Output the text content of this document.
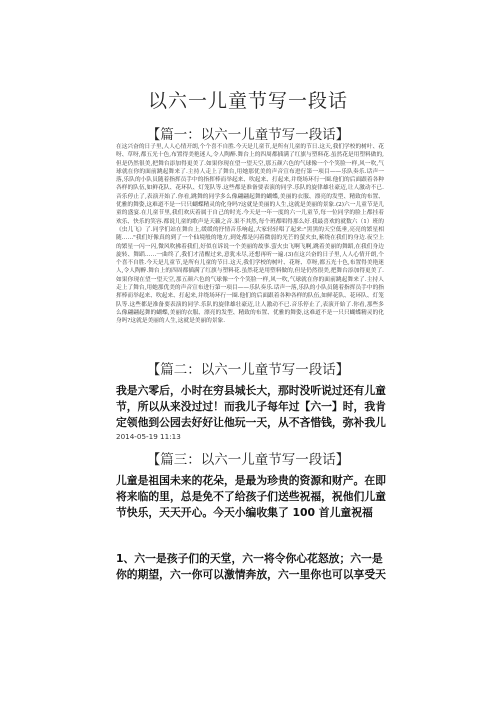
以六一儿童节写一段话
【篇一：以六一儿童节写一段话】
在这兴奋的日子里,人人心情开朗,个个喜不自胜.今天是儿童节,是所有儿童的节日.这天,我们学校的树叶、花呀、草呀,都五光十色,布置得美艳迷人,令人陶醉.舞台上的四周都插满了红旗与塑料花.虽然花是用塑料做的,但是仍然很美,把舞台添加得更美了.如果你现在望一望天空,那五颜六色的气球像一个个笑脸一样,风一吹,气球就在你的面前跳起舞来了.主持人走上了舞台,用她那优美的声音宣布进行第一项目——乐队奏乐.话声一落,乐队的小队员随着指挥员手中的指挥棒而举起来、吹起来、打起来,并绕场环行一圈.他们的后面跟着各种各样的队伍,如鲜花队、花环队、灯笼队等.这些都是准备要表演的同学.乐队的旋律雄壮豪迈,让人激动不已.音乐停止了,表演开始了.你看,跳舞的同学多么像翩翩起舞的蝴蝶,美丽的衣服、漂亮的发型、精致的布置、优雅的舞姿,这难道不是一只只蝴蝶精灵的化身吗?这就是美丽的人生,这就是美丽的景象.(2)六一儿童节是儿童的盛宴.在儿童节里,我们欢庆着属于自己的时光.今天是一年一度的六一儿童节,每一位同学的脸上都挂着欢乐、快乐的笑容.都说儿童的歌声是天籁之音.果不其然,每个班都唱得那么好.我最喜欢的就数六（1）班的《虫儿飞》了.同学们站在舞台上,缓缓的抒情音乐响起,大家轻轻唱了起来:"黑黑的天空低垂,亮亮的繁星相随……"我们好像真的到了一个仙境般的地方,到处都是闪着微弱的光芒的萤火虫,萦绕在我们的身边.夜空上的繁星一闪一闪,微风吹拂着我们,好似在诉说一个美丽的故事.萤火虫飞啊飞啊,跳着美丽的舞蹈,在我们身边旋转、舞蹈……一曲终了,我们才清醒过来,意犹未尽,还想再听一遍.(3)在这兴奋的日子里,人人心情开朗,个个喜不自胜.今天是儿童节,是所有儿童的节日.这天,我们学校的树叶、花呀、草呀,都五光十色,布置得美艳迷人,令人陶醉.舞台上的四周都插满了红旗与塑料花.虽然花是用塑料做的,但是仍然很美,把舞台添加得更美了.如果你现在望一望天空,那五颜六色的气球像一个个笑脸一样,风一吹,气球就在你的面前跳起舞来了.主持人走上了舞台,用她那优美的声音宣布进行第一项目——乐队奏乐.话声一落,乐队的小队员随着指挥员手中的指挥棒而举起来、吹起来、打起来,并绕场环行一圈.他们的后面跟着各种各样的队伍,如鲜花队、花环队、灯笼队等.这些都是准备要表演的同学.乐队的旋律雄壮豪迈,让人激动不已.音乐停止了,表演开始了.你看,那些多么像翩翩起舞的蝴蝶,美丽的衣服、漂亮的发型、精致的布置、优雅的舞姿,这难道不是一只只蝴蝶精灵的化身吗?这就是美丽的人生,这就是美丽的景象.
【篇二：以六一儿童节写一段话】
我是六零后，小时在穷县城长大，那时没听说过还有儿童节，所以从来没过过！而我儿子每年过【六一】时，我肯定领他到公园去好好让他玩一天，从不吝惜钱，弥补我儿
2014-05-19 11:13
【篇三：以六一儿童节写一段话】
儿童是祖国未来的花朵，是最为珍贵的资源和财产。在即将来临的里，总是免不了给孩子们送些祝福，祝他们儿童节快乐，天天开心。今天小编收集了 100 首儿童祝福
1、六一是孩子们的天堂，六一将令你心花怒放；六一是你的期望，六一你可以激情奔放，六一里你也可以享受天
